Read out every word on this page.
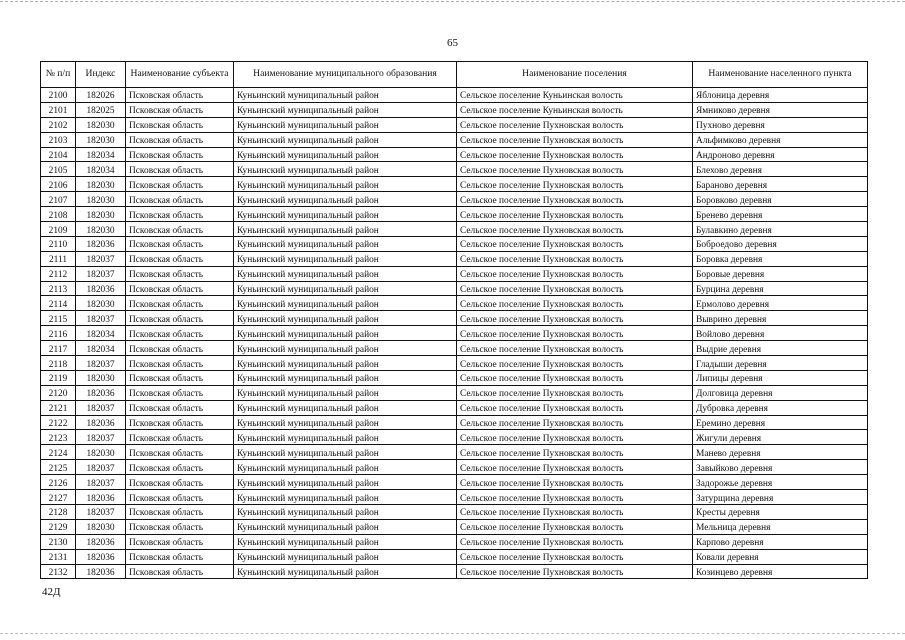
65
№ п/п	Индекс	Наименование субъекта	Наименование муниципального образования	Наименование поселения	Наименование населенного пункта
2100	182026	Псковская область	Куньинский муниципальный район	Сельское поселение Куньинская волость	Яблоница деревня
2101	182025	Псковская область	Куньинский муниципальный район	Сельское поселение Куньинская волость	Ямниково деревня
2102	182030	Псковская область	Куньинский муниципальный район	Сельское поселение Пухновская волость	Пухново деревня
2103	182030	Псковская область	Куньинский муниципальный район	Сельское поселение Пухновская волость	Альфимково деревня
2104	182034	Псковская область	Куньинский муниципальный район	Сельское поселение Пухновская волость	Андроново деревня
2105	182034	Псковская область	Куньинский муниципальный район	Сельское поселение Пухновская волость	Блехово деревня
2106	182030	Псковская область	Куньинский муниципальный район	Сельское поселение Пухновская волость	Бараново деревня
2107	182030	Псковская область	Куньинский муниципальный район	Сельское поселение Пухновская волость	Боровково деревня
2108	182030	Псковская область	Куньинский муниципальный район	Сельское поселение Пухновская волость	Бренево деревня
2109	182030	Псковская область	Куньинский муниципальный район	Сельское поселение Пухновская волость	Булавкино деревня
2110	182036	Псковская область	Куньинский муниципальный район	Сельское поселение Пухновская волость	Боброедово деревня
2111	182037	Псковская область	Куньинский муниципальный район	Сельское поселение Пухновская волость	Боровка деревня
2112	182037	Псковская область	Куньинский муниципальный район	Сельское поселение Пухновская волость	Боровые деревня
2113	182036	Псковская область	Куньинский муниципальный район	Сельское поселение Пухновская волость	Бурцина деревня
2114	182030	Псковская область	Куньинский муниципальный район	Сельское поселение Пухновская волость	Ермолово деревня
2115	182037	Псковская область	Куньинский муниципальный район	Сельское поселение Пухновская волость	Выврино деревня
2116	182034	Псковская область	Куньинский муниципальный район	Сельское поселение Пухновская волость	Войлово деревня
2117	182034	Псковская область	Куньинский муниципальный район	Сельское поселение Пухновская волость	Выдрие деревня
2118	182037	Псковская область	Куньинский муниципальный район	Сельское поселение Пухновская волость	Гладыши деревня
2119	182030	Псковская область	Куньинский муниципальный район	Сельское поселение Пухновская волость	Липицы деревня
2120	182036	Псковская область	Куньинский муниципальный район	Сельское поселение Пухновская волость	Долговица деревня
2121	182037	Псковская область	Куньинский муниципальный район	Сельское поселение Пухновская волость	Дубровка деревня
2122	182036	Псковская область	Куньинский муниципальный район	Сельское поселение Пухновская волость	Еремино деревня
2123	182037	Псковская область	Куньинский муниципальный район	Сельское поселение Пухновская волость	Жигули деревня
2124	182030	Псковская область	Куньинский муниципальный район	Сельское поселение Пухновская волость	Манево деревня
2125	182037	Псковская область	Куньинский муниципальный район	Сельское поселение Пухновская волость	Завыйково деревня
2126	182037	Псковская область	Куньинский муниципальный район	Сельское поселение Пухновская волость	Задорожье деревня
2127	182036	Псковская область	Куньинский муниципальный район	Сельское поселение Пухновская волость	Затурщина деревня
2128	182037	Псковская область	Куньинский муниципальный район	Сельское поселение Пухновская волость	Кресты деревня
2129	182030	Псковская область	Куньинский муниципальный район	Сельское поселение Пухновская волость	Мельница деревня
2130	182036	Псковская область	Куньинский муниципальный район	Сельское поселение Пухновская волость	Карпово деревня
2131	182036	Псковская область	Куньинский муниципальный район	Сельское поселение Пухновская волость	Ковали деревня
2132	182036	Псковская область	Куньинский муниципальный район	Сельское поселение Пухновская волость	Козинцево деревня
42Д
